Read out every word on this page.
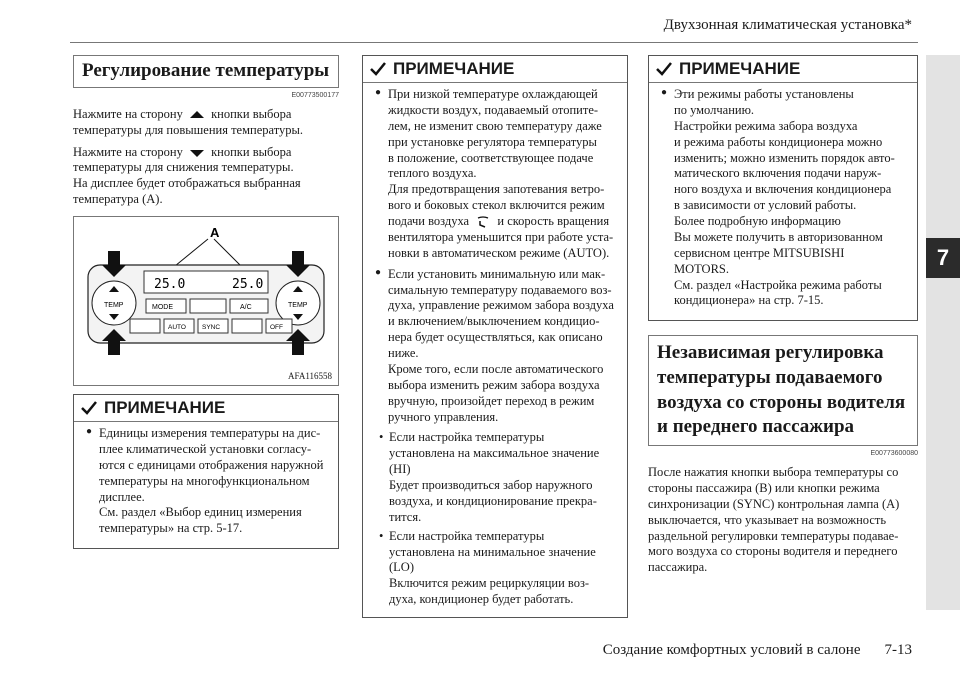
Двухзонная климатическая установка*
7
Регулирование температуры
E00773500177

Нажмите на сторону кнопки выбора температуры для повышения температуры.

Нажмите на сторону кнопки выбора температуры для снижения температуры.
На дисплее будет отображаться выбранная температура (A).

A
25.0	25.0
TEMP	TEMP
MODE	A/C
AUTO SYNC	OFF
AFA116558
ПРИМЕЧАНИЕ
● Единицы измерения температуры на дис-
плее климатической установки согласу-
ются с единицами отображения наружной
температуры на многофункциональном
дисплее.
См. раздел «Выбор единиц измерения
температуры» на стр. 5-17.
ПРИМЕЧАНИЕ
● При низкой температуре охлаждающей
жидкости воздух, подаваемый отопите-
лем, не изменит свою температуру даже
при установке регулятора температуры
в положение, соответствующее подаче
теплого воздуха.
Для предотвращения запотевания ветро-
вого и боковых стекол включится режим
подачи воздуха и скорость вращения
вентилятора уменьшится при работе уста-
новки в автоматическом режиме (AUTO).
● Если установить минимальную или мак-
симальную температуру подаваемого воз-
духа, управление режимом забора воздуха
и включением/выключением кондицио-
нера будет осуществляться, как описано
ниже.
Кроме того, если после автоматического
выбора изменить режим забора воздуха
вручную, произойдет переход в режим
ручного управления.
• Если настройка температуры
установлена на максимальное значение
(HI)
Будет производиться забор наружного
воздуха, и кондиционирование прекра-
тится.
• Если настройка температуры
установлена на минимальное значение
(LO)
Включится режим рециркуляции воз-
духа, кондиционер будет работать.
ПРИМЕЧАНИЕ
● Эти режимы работы установлены
по умолчанию.
Настройки режима забора воздуха
и режима работы кондиционера можно
изменить; можно изменить порядок авто-
матического включения подачи наруж-
ного воздуха и включения кондиционера
в зависимости от условий работы.
Более подробную информацию
Вы можете получить в авторизованном
сервисном центре MITSUBISHI
MOTORS.
См. раздел «Настройка режима работы
кондиционера» на стр. 7-15.
Независимая регулировка температуры подаваемого воздуха со стороны водителя и переднего пассажира
E00773600080

После нажатия кнопки выбора температуры со стороны пассажира (B) или кнопки режима синхронизации (SYNC) контрольная лампа (A) выключается, что указывает на возможность раздельной регулировки температуры подавае- мого воздуха со стороны водителя и переднего пассажира.

Создание комфортных условий в салоне 7-13
